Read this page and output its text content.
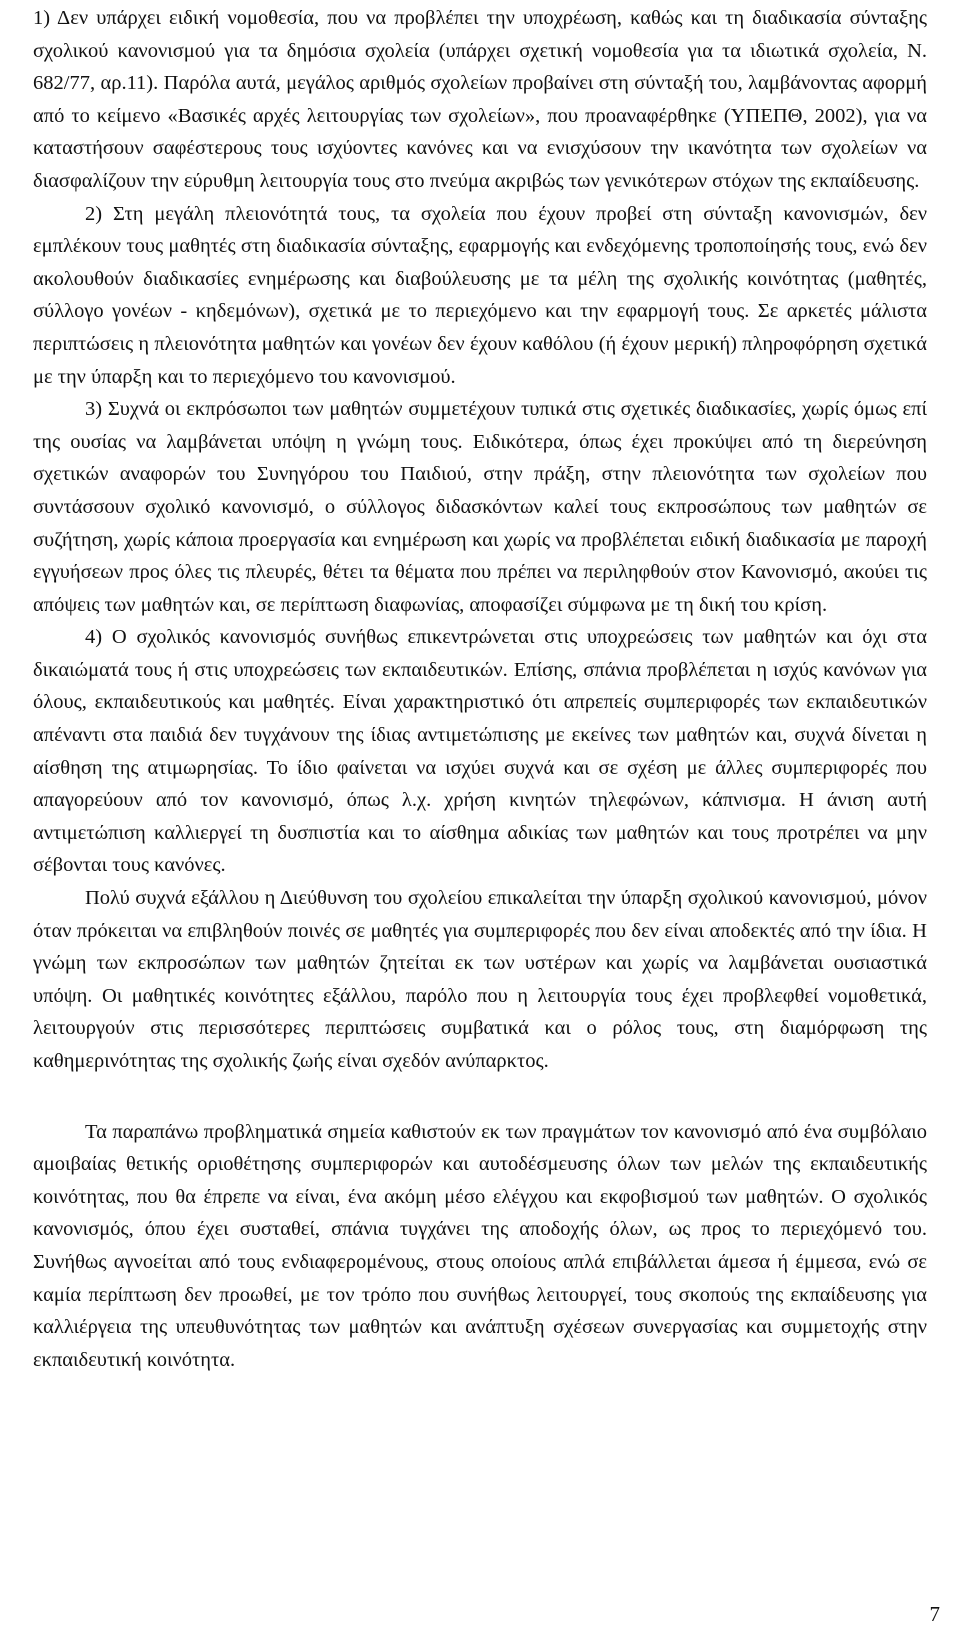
1) Δεν υπάρχει ειδική νομοθεσία, που να προβλέπει την υποχρέωση, καθώς και τη διαδικασία σύνταξης σχολικού κανονισμού για τα δημόσια σχολεία (υπάρχει σχετική νομοθεσία για τα ιδιωτικά σχολεία, Ν. 682/77, αρ.11). Παρόλα αυτά, μεγάλος αριθμός σχολείων προβαίνει στη σύνταξή του, λαμβάνοντας αφορμή από το κείμενο «Βασικές αρχές λειτουργίας των σχολείων», που προαναφέρθηκε (ΥΠΕΠΘ, 2002), για να καταστήσουν σαφέστερους τους ισχύοντες κανόνες και να ενισχύσουν την ικανότητα των σχολείων να διασφαλίζουν την εύρυθμη λειτουργία τους στο πνεύμα ακριβώς των γενικότερων στόχων της εκπαίδευσης.

2) Στη μεγάλη πλειονότητά τους, τα σχολεία που έχουν προβεί στη σύνταξη κανονισμών, δεν εμπλέκουν τους μαθητές στη διαδικασία σύνταξης, εφαρμογής και ενδεχόμενης τροποποίησής τους, ενώ δεν ακολουθούν διαδικασίες ενημέρωσης και διαβούλευσης με τα μέλη της σχολικής κοινότητας (μαθητές, σύλλογο γονέων - κηδεμόνων), σχετικά με το περιεχόμενο και την εφαρμογή τους. Σε αρκετές μάλιστα περιπτώσεις η πλειονότητα μαθητών και γονέων δεν έχουν καθόλου (ή έχουν μερική) πληροφόρηση σχετικά με την ύπαρξη και το περιεχόμενο του κανονισμού.

3) Συχνά οι εκπρόσωποι των μαθητών συμμετέχουν τυπικά στις σχετικές διαδικασίες, χωρίς όμως επί της ουσίας να λαμβάνεται υπόψη η γνώμη τους. Ειδικότερα, όπως έχει προκύψει από τη διερεύνηση σχετικών αναφορών του Συνηγόρου του Παιδιού, στην πράξη, στην πλειονότητα των σχολείων που συντάσσουν σχολικό κανονισμό, ο σύλλογος διδασκόντων καλεί τους εκπροσώπους των μαθητών σε συζήτηση, χωρίς κάποια προεργασία και ενημέρωση και χωρίς να προβλέπεται ειδική διαδικασία με παροχή εγγυήσεων προς όλες τις πλευρές, θέτει τα θέματα που πρέπει να περιληφθούν στον Κανονισμό, ακούει τις απόψεις των μαθητών και, σε περίπτωση διαφωνίας, αποφασίζει σύμφωνα με τη δική του κρίση.

4) Ο σχολικός κανονισμός συνήθως επικεντρώνεται στις υποχρεώσεις των μαθητών και όχι στα δικαιώματά τους ή στις υποχρεώσεις των εκπαιδευτικών. Επίσης, σπάνια προβλέπεται η ισχύς κανόνων για όλους, εκπαιδευτικούς και μαθητές. Είναι χαρακτηριστικό ότι απρεπείς συμπεριφορές των εκπαιδευτικών απέναντι στα παιδιά δεν τυγχάνουν της ίδιας αντιμετώπισης με εκείνες των μαθητών και, συχνά δίνεται η αίσθηση της ατιμωρησίας. Το ίδιο φαίνεται να ισχύει συχνά και σε σχέση με άλλες συμπεριφορές που απαγορεύουν από τον κανονισμό, όπως λ.χ. χρήση κινητών τηλεφώνων, κάπνισμα. Η άνιση αυτή αντιμετώπιση καλλιεργεί τη δυσπιστία και το αίσθημα αδικίας των μαθητών και τους προτρέπει να μην σέβονται τους κανόνες.

Πολύ συχνά εξάλλου η Διεύθυνση του σχολείου επικαλείται την ύπαρξη σχολικού κανονισμού, μόνον όταν πρόκειται να επιβληθούν ποινές σε μαθητές για συμπεριφορές που δεν είναι αποδεκτές από την ίδια. Η γνώμη των εκπροσώπων των μαθητών ζητείται εκ των υστέρων και χωρίς να λαμβάνεται ουσιαστικά υπόψη. Οι μαθητικές κοινότητες εξάλλου, παρόλο που η λειτουργία τους έχει προβλεφθεί νομοθετικά, λειτουργούν στις περισσότερες περιπτώσεις συμβατικά και ο ρόλος τους, στη διαμόρφωση της καθημερινότητας της σχολικής ζωής είναι σχεδόν ανύπαρκτος.

Τα παραπάνω προβληματικά σημεία καθιστούν εκ των πραγμάτων τον κανονισμό από ένα συμβόλαιο αμοιβαίας θετικής οριοθέτησης συμπεριφορών και αυτοδέσμευσης όλων των μελών της εκπαιδευτικής κοινότητας, που θα έπρεπε να είναι, ένα ακόμη μέσο ελέγχου και εκφοβισμού των μαθητών. Ο σχολικός κανονισμός, όπου έχει συσταθεί, σπάνια τυγχάνει της αποδοχής όλων, ως προς το περιεχόμενό του. Συνήθως αγνοείται από τους ενδιαφερομένους, στους οποίους απλά επιβάλλεται άμεσα ή έμμεσα, ενώ σε καμία περίπτωση δεν προωθεί, με τον τρόπο που συνήθως λειτουργεί, τους σκοπούς της εκπαίδευσης για καλλιέργεια της υπευθυνότητας των μαθητών και ανάπτυξη σχέσεων συνεργασίας και συμμετοχής στην εκπαιδευτική κοινότητα.

7
